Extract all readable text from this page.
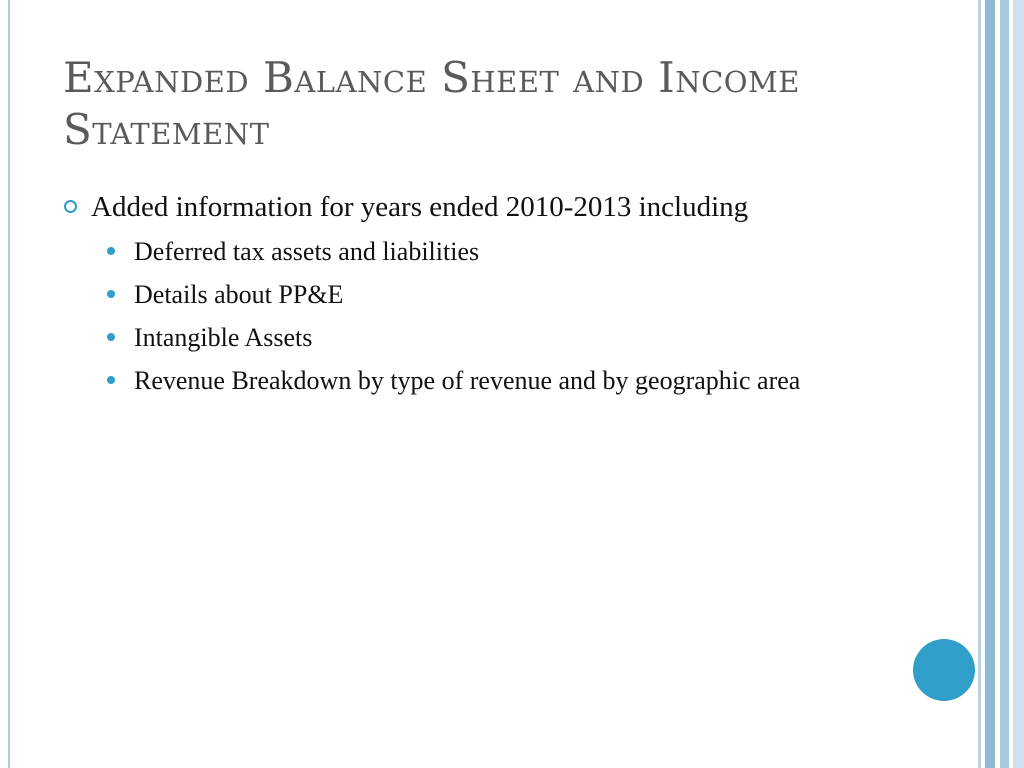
Expanded Balance Sheet and Income Statement
Added information for years ended 2010-2013 including
Deferred tax assets and liabilities
Details about PP&E
Intangible Assets
Revenue Breakdown by type of revenue and by geographic area
